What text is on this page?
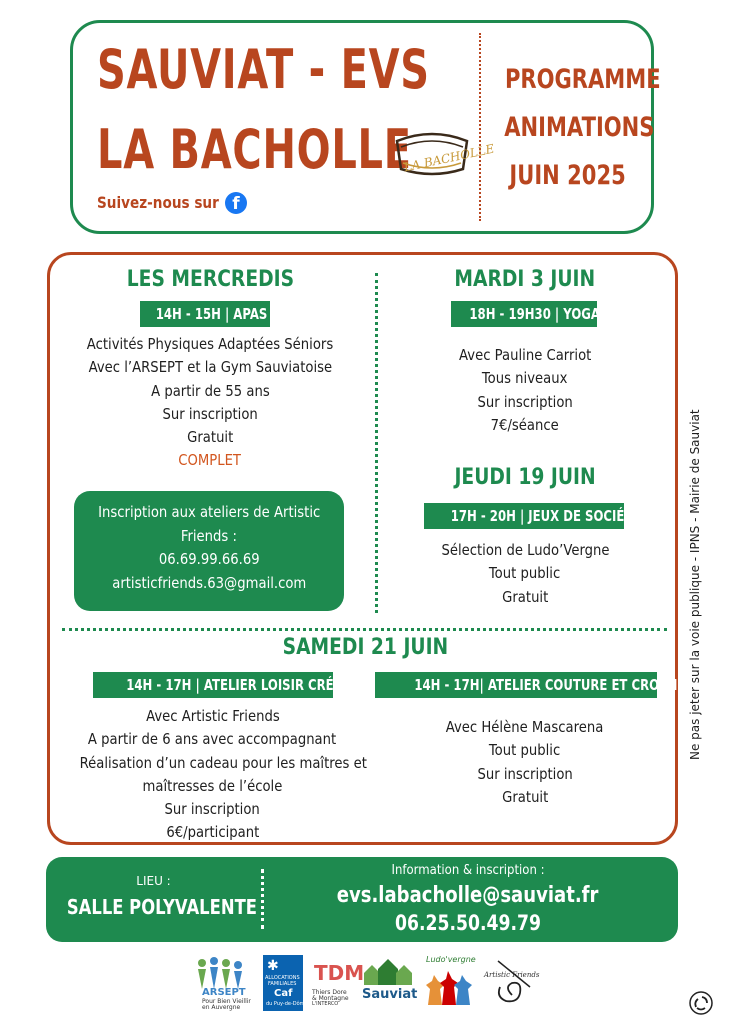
SAUVIAT - EVS
LA BACHOLLE
LA BACHOLLE
Suivez-nous sur f
PROGRAMME
ANIMATIONS
JUIN 2025
LES MERCREDIS
14H - 15H | APAS
Activités Physiques Adaptées Séniors
Avec l’ARSEPT et la Gym Sauviatoise
A partir de 55 ans
Sur inscription
Gratuit
COMPLET
Inscription aux ateliers de Artistic
Friends :
06.69.99.66.69
artisticfriends.63@gmail.com
MARDI 3 JUIN
18H - 19H30 | YOGA
Avec Pauline Carriot
Tous niveaux
Sur inscription
7€/séance
JEUDI 19 JUIN
17H - 20H | JEUX DE SOCIÉTÉ
Sélection de Ludo’Vergne
Tout public
Gratuit
SAMEDI 21 JUIN
14H - 17H | ATELIER LOISIR CRÉATIF
Avec Artistic Friends
A partir de 6 ans avec accompagnant
Réalisation d’un cadeau pour les maîtres et
maîtresses de l’école
Sur inscription
6€/participant
14H - 17H| ATELIER COUTURE ET CROCHET
Avec Hélène Mascarena
Tout public
Sur inscription
Gratuit
LIEU :
SALLE POLYVALENTE
Information & inscription :
evs.labacholle@sauviat.fr
06.25.50.49.79
Ne pas jeter sur la voie publique - IPNS - Mairie de Sauviat
ARSEPT
Pour Bien Vieillir en Auvergne
✱
ALLOCATIONS
FAMILIALES
Caf
du Puy-de-Dôme
TDM
Thiers Dore
& Montagne
L'INTERCO
Sauviat
Ludo'vergne
Artistic Friends
